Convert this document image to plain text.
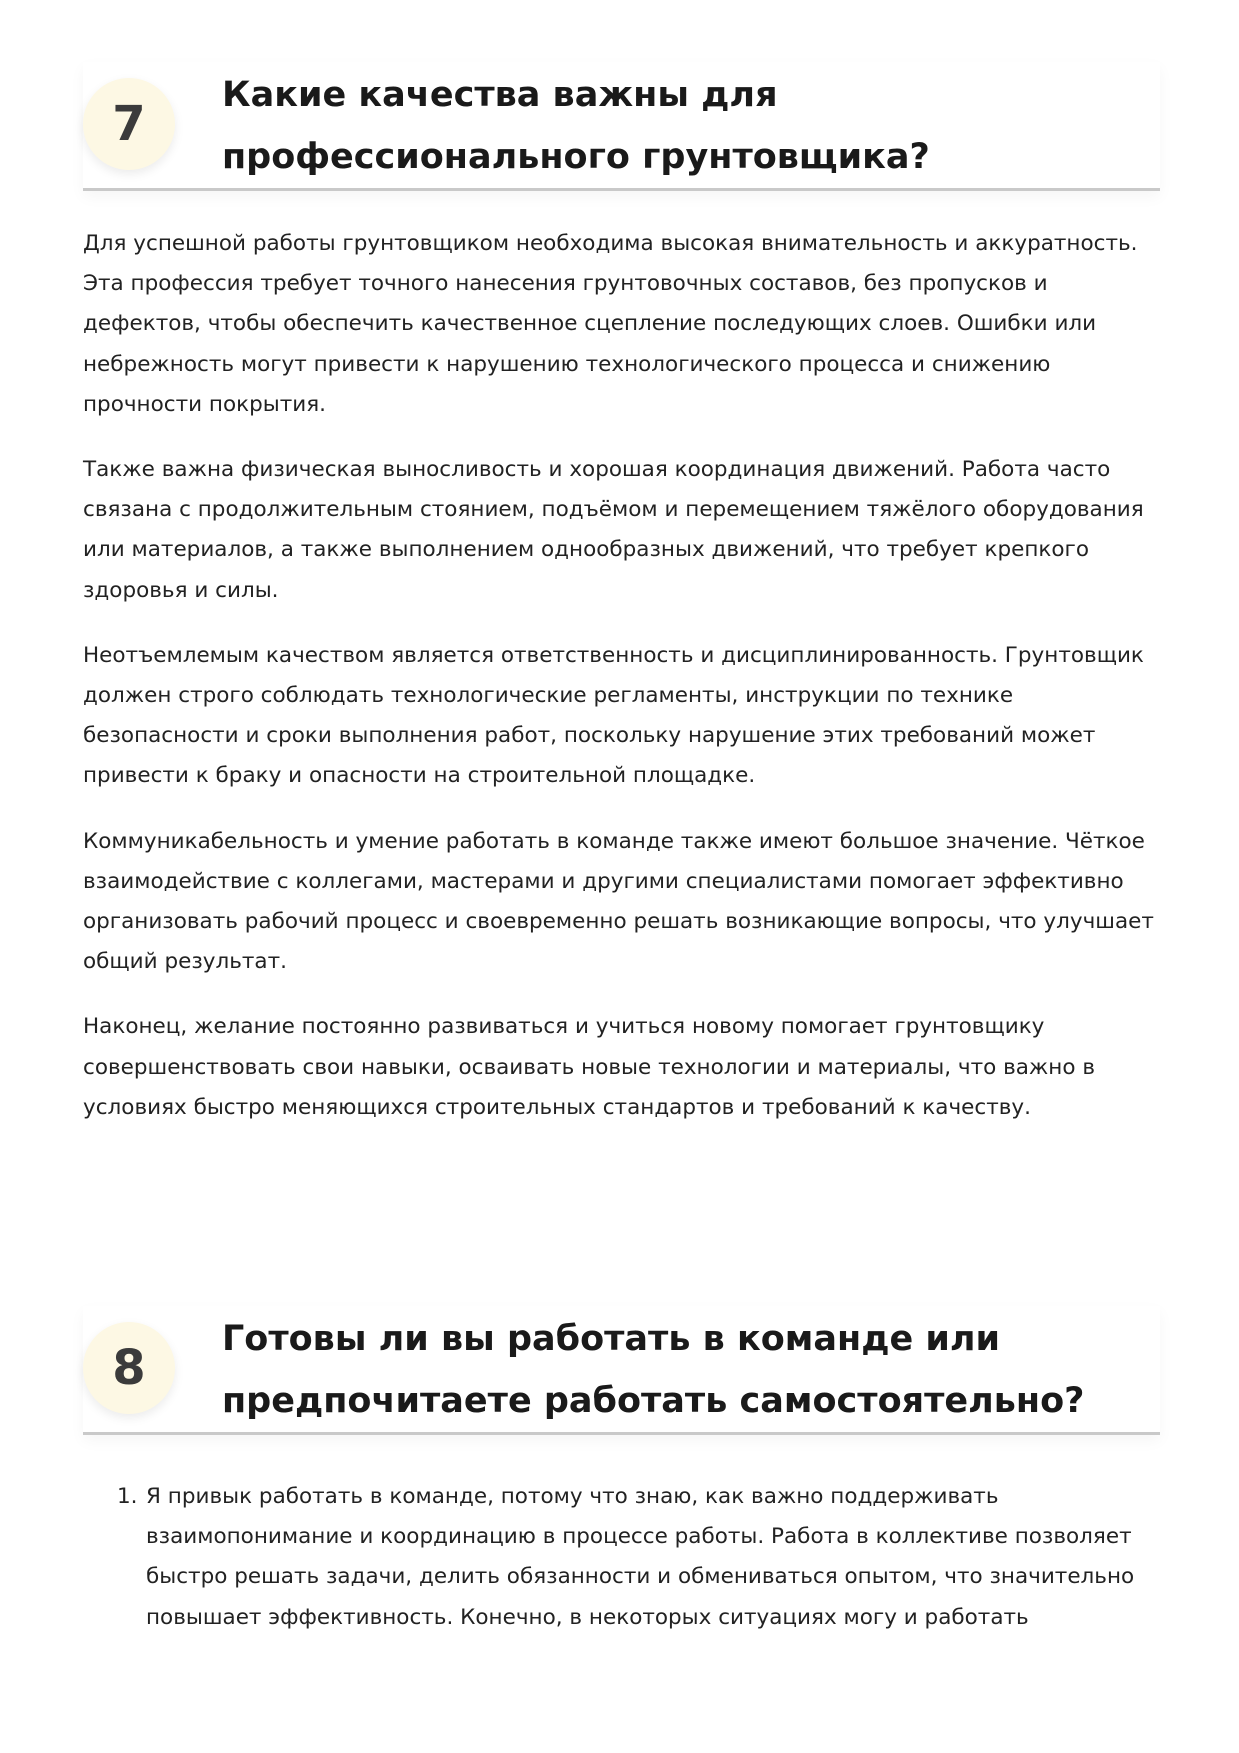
7
Какие качества важны для профессионального грунтовщика?

Для успешной работы грунтовщиком необходима высокая внимательность и аккуратность. Эта профессия требует точного нанесения грунтовочных составов, без пропусков и дефектов, чтобы обеспечить качественное сцепление последующих слоев. Ошибки или небрежность могут привести к нарушению технологического процесса и снижению прочности покрытия.

Также важна физическая выносливость и хорошая координация движений. Работа часто связана с продолжительным стоянием, подъёмом и перемещением тяжёлого оборудования или материалов, а также выполнением однообразных движений, что требует крепкого здоровья и силы.

Неотъемлемым качеством является ответственность и дисциплинированность. Грунтовщик должен строго соблюдать технологические регламенты, инструкции по технике безопасности и сроки выполнения работ, поскольку нарушение этих требований может привести к браку и опасности на строительной площадке.

Коммуникабельность и умение работать в команде также имеют большое значение. Чёткое взаимодействие с коллегами, мастерами и другими специалистами помогает эффективно организовать рабочий процесс и своевременно решать возникающие вопросы, что улучшает общий результат.

Наконец, желание постоянно развиваться и учиться новому помогает грунтовщику совершенствовать свои навыки, осваивать новые технологии и материалы, что важно в условиях быстро меняющихся строительных стандартов и требований к качеству.

8
Готовы ли вы работать в команде или предпочитаете работать самостоятельно?
1. Я привык работать в команде, потому что знаю, как важно поддерживать взаимопонимание и координацию в процессе работы. Работа в коллективе позволяет быстро решать задачи, делить обязанности и обмениваться опытом, что значительно повышает эффективность. Конечно, в некоторых ситуациях могу и работать
